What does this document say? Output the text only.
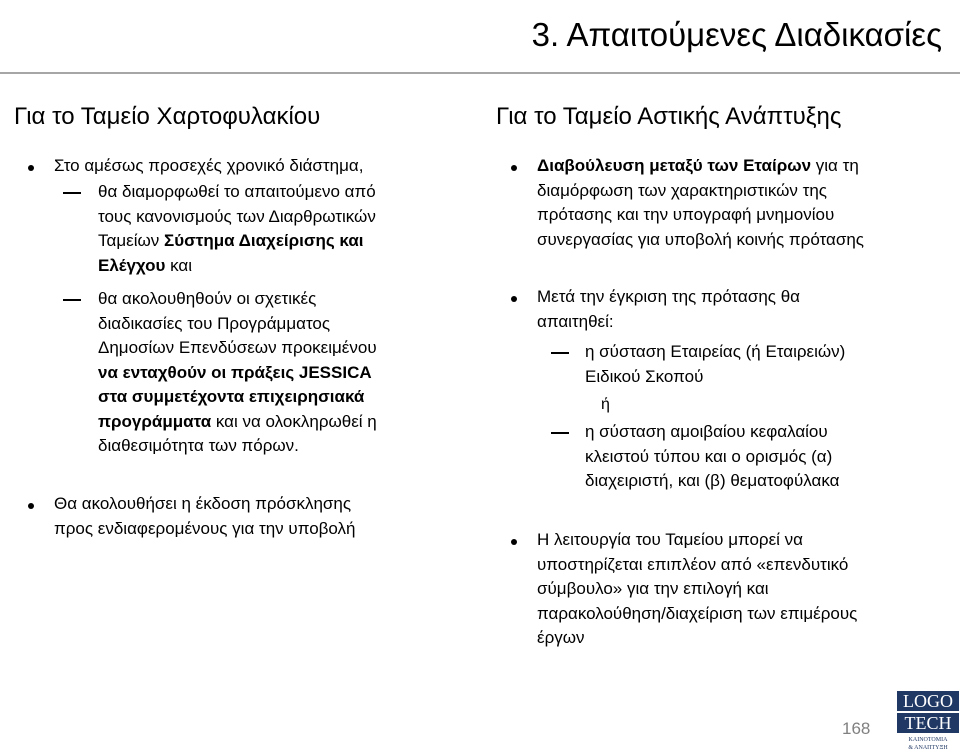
3. Απαιτούμενες Διαδικασίες
Για το Ταμείο Χαρτοφυλακίου
Στο αμέσως προσεχές χρονικό διάστημα,
θα διαμορφωθεί το απαιτούμενο από
τους κανονισμούς των Διαρθρωτικών
Ταμείων Σύστημα Διαχείρισης και
Ελέγχου και
θα ακολουθηθούν οι σχετικές
διαδικασίες του Προγράμματος
Δημοσίων Επενδύσεων προκειμένου
να ενταχθούν οι πράξεις JESSICA
στα συμμετέχοντα επιχειρησιακά
προγράμματα και να ολοκληρωθεί η
διαθεσιμότητα των πόρων.
Θα ακολουθήσει η έκδοση πρόσκλησης
προς ενδιαφερομένους για την υποβολή
Για το Ταμείο Αστικής Ανάπτυξης
Διαβούλευση μεταξύ των Εταίρων για τη
διαμόρφωση των χαρακτηριστικών της
πρότασης και την υπογραφή μνημονίου
συνεργασίας για υποβολή κοινής πρότασης
Μετά την έγκριση της πρότασης θα
απαιτηθεί:
η σύσταση Εταιρείας (ή Εταιρειών)
Ειδικού Σκοπού
ή
η σύσταση αμοιβαίου κεφαλαίου
κλειστού τύπου και ο ορισμός (α)
διαχειριστή, και (β) θεματοφύλακα
Η λειτουργία του Ταμείου μπορεί να
υποστηρίζεται επιπλέον από «επενδυτικό
σύμβουλο» για την επιλογή και
παρακολούθηση/διαχείριση των επιμέρους
έργων
168
LOGO
TECH
ΚΑΙΝΟΤΟΜΙΑ
& ΑΝΑΠΤΥΞΗ
